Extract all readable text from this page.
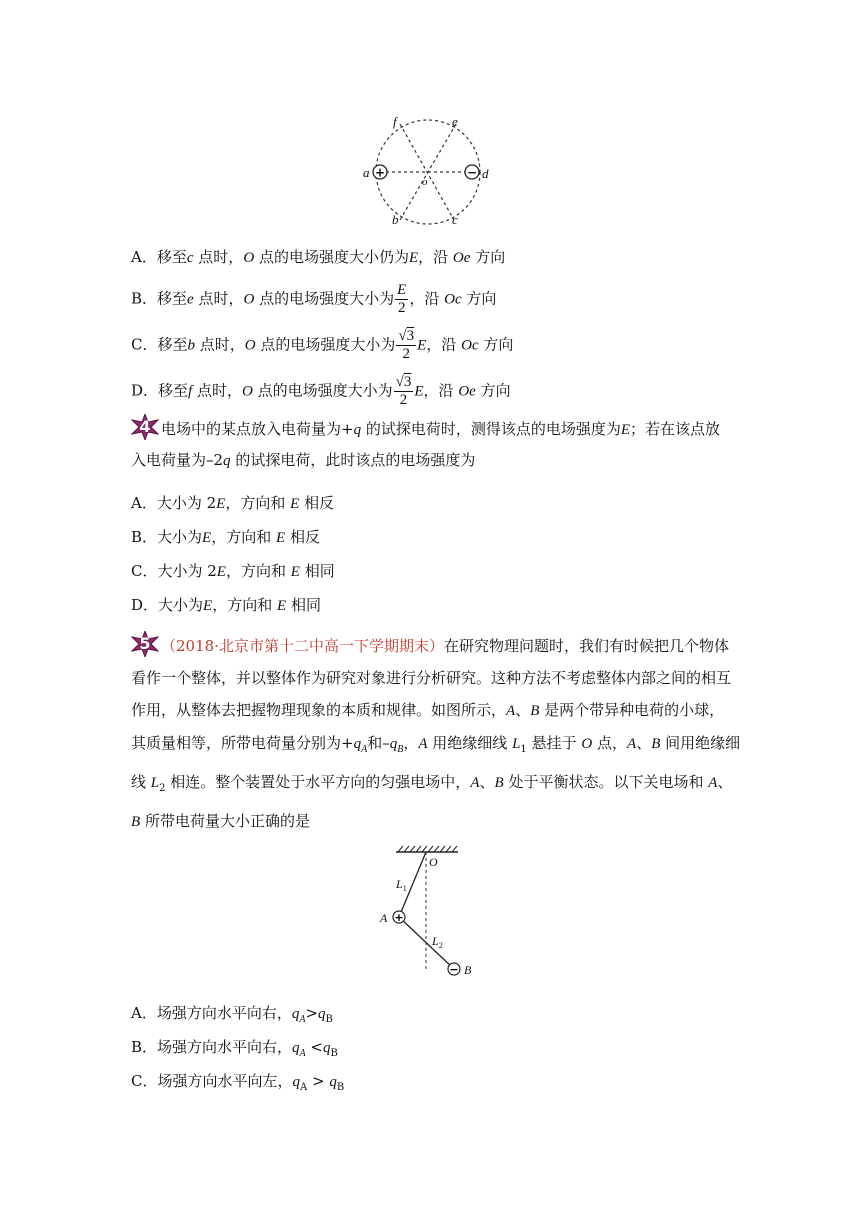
f	e
a
o
d
b	c
+	−
A．移至c 点时，O 点的电场强度大小仍为E，沿 Oe 方向
B．移至e 点时，O 点的电场强度大小为 $\frac{E}{2}$ ，沿 Oc 方向
C．移至b 点时，O 点的电场强度大小为 $\frac{√3}{2}$ E，沿 Oc 方向
D．移至f 点时，O 点的电场强度大小为 $\frac{√3}{2}$ E，沿 Oe 方向
4 电场中的某点放入电荷量为+q 的试探电荷时，测得该点的电场强度为E；若在该点放
入电荷量为–2q 的试探电荷，此时该点的电场强度为
A．大小为 2E，方向和 E 相反
B．大小为E，方向和 E 相反
C．大小为 2E，方向和 E 相同
D．大小为E，方向和 E 相同
5 （2018·北京市第十二中高一下学期期末）在研究物理问题时，我们有时候把几个物体
看作一个整体，并以整体作为研究对象进行分析研究。这种方法不考虑整体内部之间的相互
作用，从整体去把握物理现象的本质和规律。如图所示，A、B 是两个带异种电荷的小球，
其质量相等，所带电荷量分别为$+q_A$和$-q_B$，A 用绝缘细线 $L_1$ 悬挂于 O 点，A、B 间用绝缘细
线 $L_2$ 相连。整个装置处于水平方向的匀强电场中，A、B 处于平衡状态。以下关电场和 A、
B 所带电荷量大小正确的是
+
−
O
$L_1$
A
$L_2$
B
A．场强方向水平向右，$q_A>q_B$
B．场强方向水平向右，$q_A <q_B$
C．场强方向水平向左，$q_A > q_B$
